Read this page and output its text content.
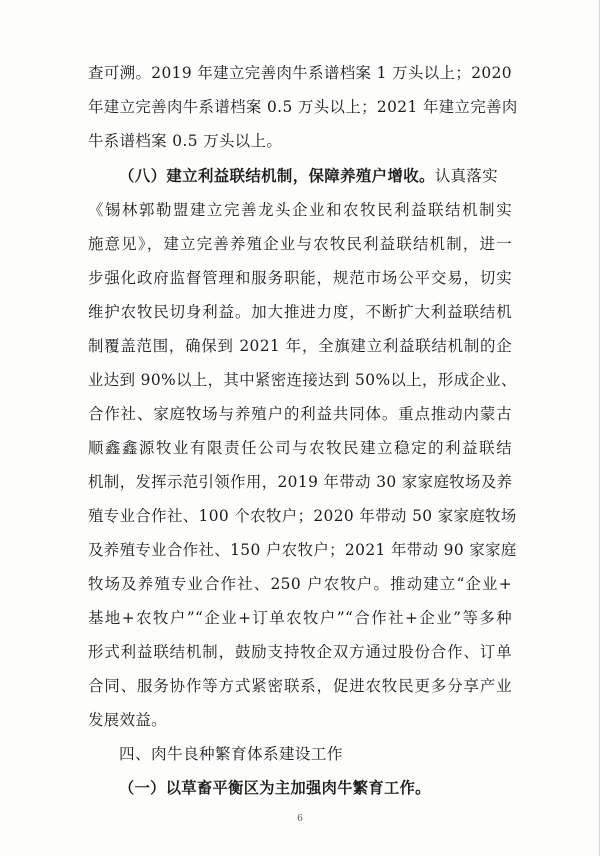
查可溯。2019 年建立完善肉牛系谱档案 1 万头以上；2020
年建立完善肉牛系谱档案 0.5 万头以上；2021 年建立完善肉
牛系谱档案 0.5 万头以上。
（八）建立利益联结机制，保障养殖户增收。认真落实
《锡林郭勒盟建立完善龙头企业和农牧民利益联结机制实
施意见》，建立完善养殖企业与农牧民利益联结机制，进一
步强化政府监督管理和服务职能，规范市场公平交易，切实
维护农牧民切身利益。加大推进力度，不断扩大利益联结机
制覆盖范围，确保到 2021 年，全旗建立利益联结机制的企
业达到 90%以上，其中紧密连接达到 50%以上，形成企业、
合作社、家庭牧场与养殖户的利益共同体。重点推动内蒙古
顺鑫鑫源牧业有限责任公司与农牧民建立稳定的利益联结
机制，发挥示范引领作用，2019 年带动 30 家家庭牧场及养
殖专业合作社、100 个农牧户；2020 年带动 50 家家庭牧场
及养殖专业合作社、150 户农牧户；2021 年带动 90 家家庭
牧场及养殖专业合作社、250 户农牧户。推动建立“企业+
基地+农牧户”“企业+订单农牧户”“合作社+企业”等多种
形式利益联结机制，鼓励支持牧企双方通过股份合作、订单
合同、服务协作等方式紧密联系，促进农牧民更多分享产业
发展效益。
四、肉牛良种繁育体系建设工作
（一）以草畜平衡区为主加强肉牛繁育工作。
6
